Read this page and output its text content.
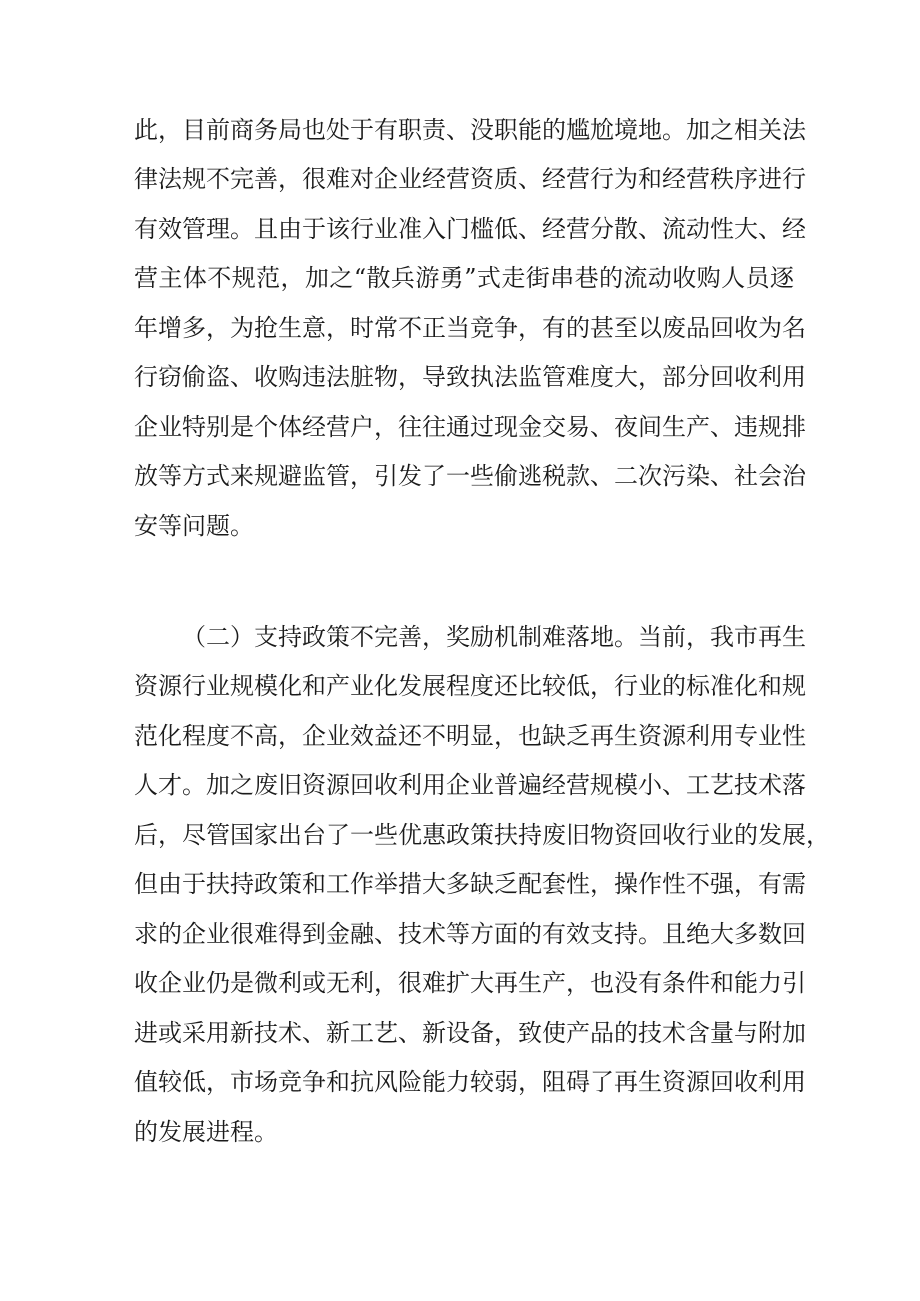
此，目前商务局也处于有职责、没职能的尴尬境地。加之相关法
律法规不完善，很难对企业经营资质、经营行为和经营秩序进行
有效管理。且由于该行业准入门槛低、经营分散、流动性大、经
营主体不规范，加之“散兵游勇”式走街串巷的流动收购人员逐
年增多，为抢生意，时常不正当竞争，有的甚至以废品回收为名
行窃偷盗、收购违法脏物，导致执法监管难度大，部分回收利用
企业特别是个体经营户，往往通过现金交易、夜间生产、违规排
放等方式来规避监管，引发了一些偷逃税款、二次污染、社会治
安等问题。
（二）支持政策不完善，奖励机制难落地。当前，我市再生
资源行业规模化和产业化发展程度还比较低，行业的标准化和规
范化程度不高，企业效益还不明显，也缺乏再生资源利用专业性
人才。加之废旧资源回收利用企业普遍经营规模小、工艺技术落
后，尽管国家出台了一些优惠政策扶持废旧物资回收行业的发展，
但由于扶持政策和工作举措大多缺乏配套性，操作性不强，有需
求的企业很难得到金融、技术等方面的有效支持。且绝大多数回
收企业仍是微利或无利，很难扩大再生产，也没有条件和能力引
进或采用新技术、新工艺、新设备，致使产品的技术含量与附加
值较低，市场竞争和抗风险能力较弱，阻碍了再生资源回收利用
的发展进程。
